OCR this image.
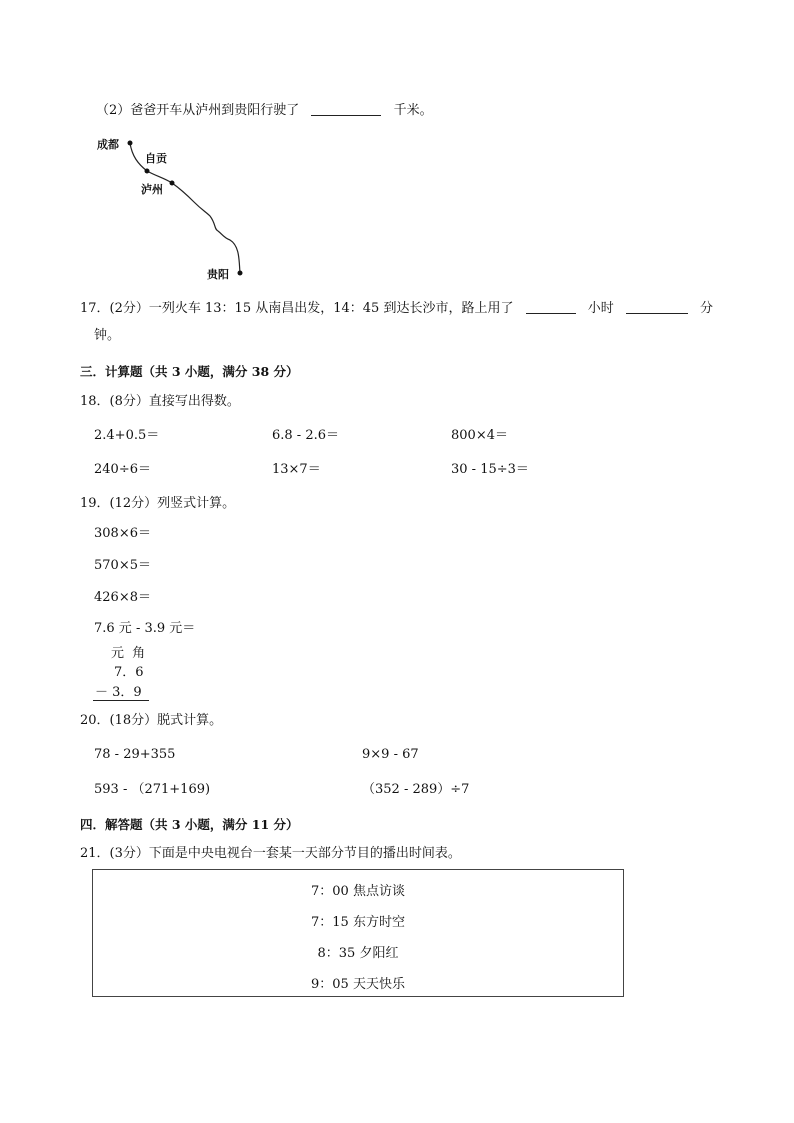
（2）爸爸开车从泸州到贵阳行驶了	千米。
成都
自贡
泸州
贵阳
17．(2分）一列火车 13：15 从南昌出发，14：45 到达长沙市，路上用了	小时	分
钟。
三．计算题（共 3 小题，满分 38 分）
18．(8分）直接写出得数。
2.4+0.5＝	6.8 - 2.6＝	800×4＝
240÷6＝	13×7＝	30 - 15÷3＝
19．(12分）列竖式计算。
308×6＝
570×5＝
426×8＝
7.6 元 - 3.9 元＝
元 角
7．6
－ 3．9
20．(18分）脱式计算。
78 - 29+355	9×9 - 67
593 - （271+169)	（352 - 289）÷7
四．解答题（共 3 小题，满分 11 分）
21．(3分）下面是中央电视台一套某一天部分节目的播出时间表。
7：00 焦点访谈
7：15 东方时空
8：35 夕阳红
9：05 天天快乐
